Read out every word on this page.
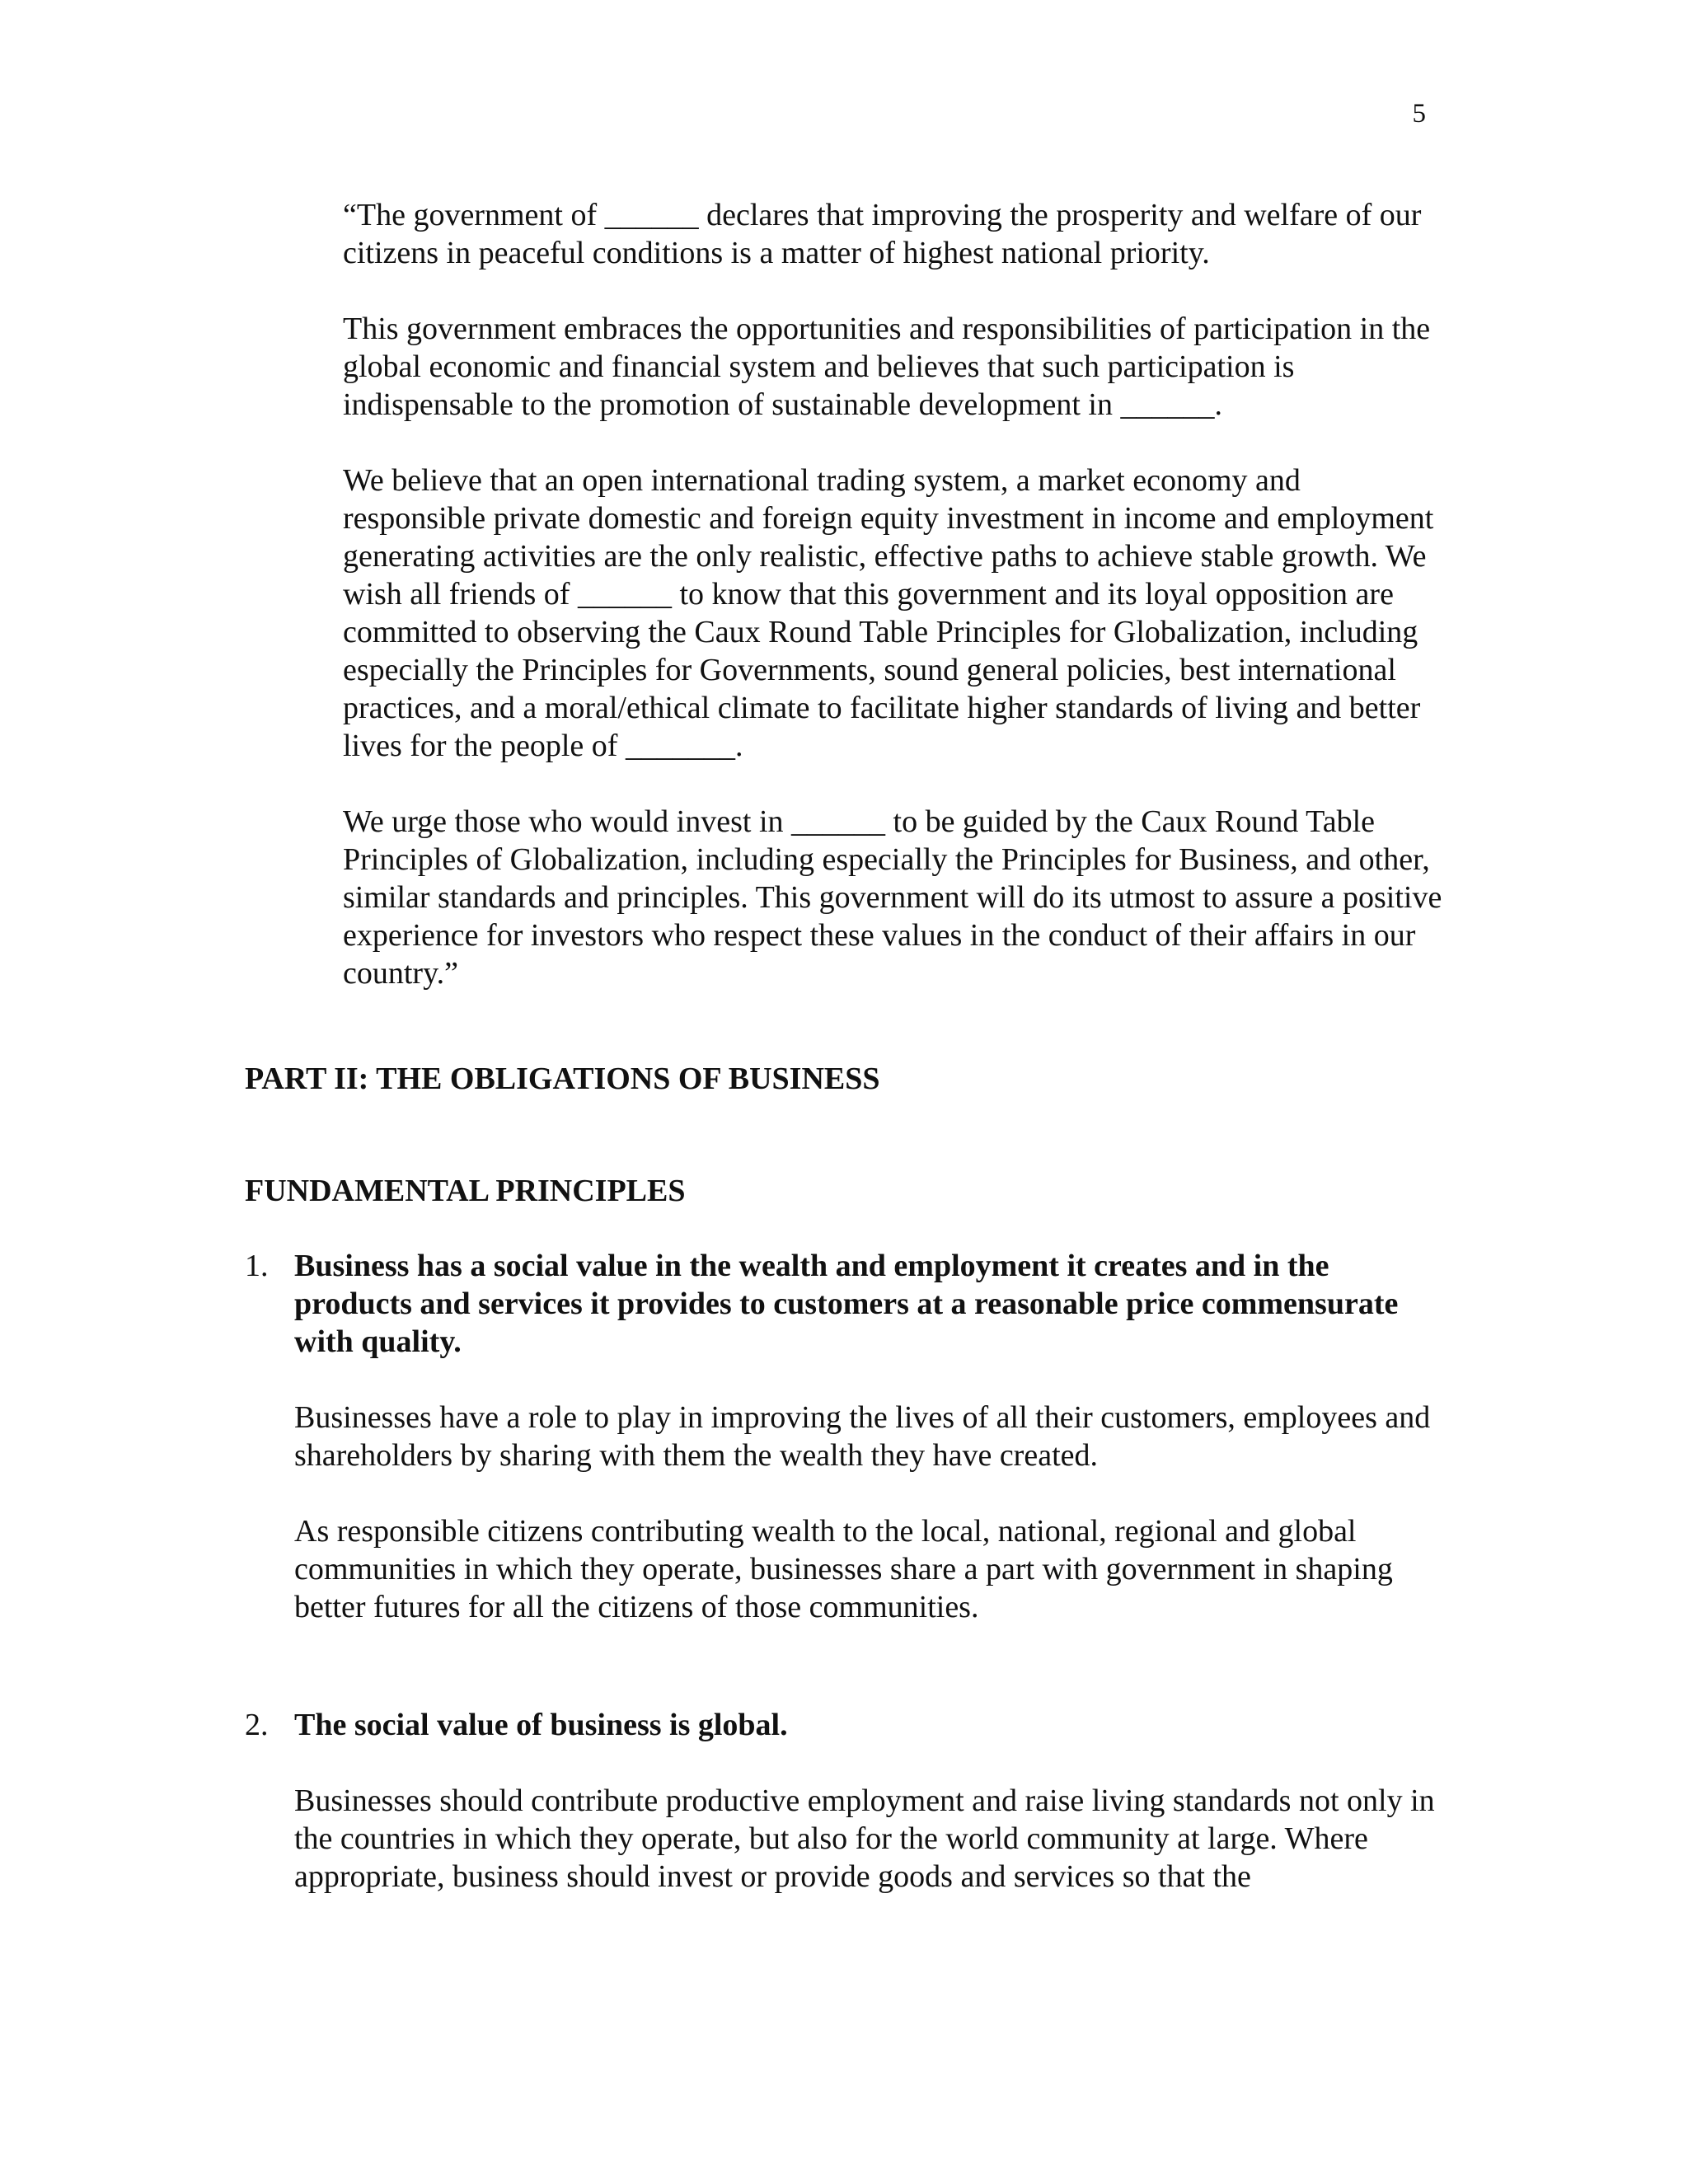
5

“The government of ______ declares that improving the prosperity and welfare of our citizens in peaceful conditions is a matter of highest national priority.

This government embraces the opportunities and responsibilities of participation in the global economic and financial system and believes that such participation is indispensable to the promotion of sustainable development in ______.

We believe that an open international trading system, a market economy and responsible private domestic and foreign equity investment in income and employment generating activities are the only realistic, effective paths to achieve stable growth. We wish all friends of ______ to know that this government and its loyal opposition are committed to observing the Caux Round Table Principles for Globalization, including especially the Principles for Governments, sound general policies, best international practices, and a moral/ethical climate to facilitate higher standards of living and better lives for the people of _______.

We urge those who would invest in ______ to be guided by the Caux Round Table Principles of Globalization, including especially the Principles for Business, and other, similar standards and principles. This government will do its utmost to assure a positive experience for investors who respect these values in the conduct of their affairs in our country.”

PART II: THE OBLIGATIONS OF BUSINESS
FUNDAMENTAL PRINCIPLES
1. Business has a social value in the wealth and employment it creates and in the products and services it provides to customers at a reasonable price commensurate with quality.

Businesses have a role to play in improving the lives of all their customers, employees and shareholders by sharing with them the wealth they have created.

As responsible citizens contributing wealth to the local, national, regional and global communities in which they operate, businesses share a part with government in shaping better futures for all the citizens of those communities.

2. The social value of business is global.

Businesses should contribute productive employment and raise living standards not only in the countries in which they operate, but also for the world community at large. Where appropriate, business should invest or provide goods and services so that the
